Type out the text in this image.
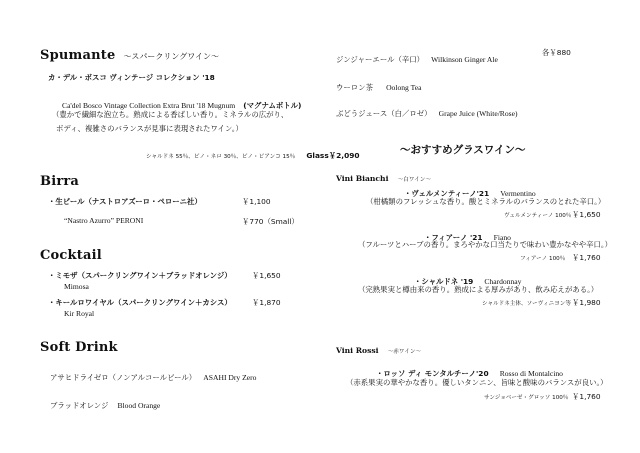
Spumante ～スパークリングワイン～
カ・デル・ボスコ ヴィンテージ コレクション '18
Ca'del Bosco Vintage Collection Extra Brut '18 Mugnum (マグナムボトル)
（豊かで繊細な泡立ち。熟成による香ばしい香り。ミネラルの広がり、
ボディ、複雑さのバランスが見事に表現されたワイン。）
シャルドネ 55％、ピノ・ネロ 30％、ピノ・ビアンコ 15％ Glass￥2,090
Birra
・生ビール（ナストロアズーロ・ペローニ社）	￥1,100
“Nastro Azurro” PERONI	￥770（Small）
Cocktail
・ミモザ（スパークリングワイン＋ブラッドオレンジ）	￥1,650
Mimosa
・キールロワイヤル（スパークリングワイン＋カシス）	￥1,870
Kir Royal
Soft Drink
アサヒドライゼロ（ノンアルコールビール） ASAHI Dry Zero
ブラッドオレンジ Blood Orange
ジンジャーエール（辛口） Wilkinson Ginger Ale
各￥880
ウーロン茶 Oolong Tea
ぶどうジュース（白／ロゼ） Grape Juice (White/Rose)
～おすすめグラスワイン～
Vini Bianchi ～白ワイン～
・ヴェルメンティーノ'21 Vermentino
（柑橘類のフレッシュな香り。酸とミネラルのバランスのとれた辛口。）
ヴェルメンティーノ 100％ ￥1,650
・フィアーノ '21 Fiano
（フルーツとハーブの香り。まろやかな口当たりで味わい豊かなやや辛口。）
フィアーノ 100％ ￥1,760
・シャルドネ '19 Chardonnay
（完熟果実と樽由来の香り。熟成による厚みがあり、飲み応えがある。）
シャルドネ主体、ソーヴィニヨン等 ￥1,980
Vini Rossi ～赤ワイン～
・ロッソ ディ モンタルチーノ'20 Rosso di Montalcino
（赤系果実の華やかな香り。優しいタンニン、旨味と酸味のバランスが良い。）
サンジョベーゼ・グロッソ 100％ ￥1,760
